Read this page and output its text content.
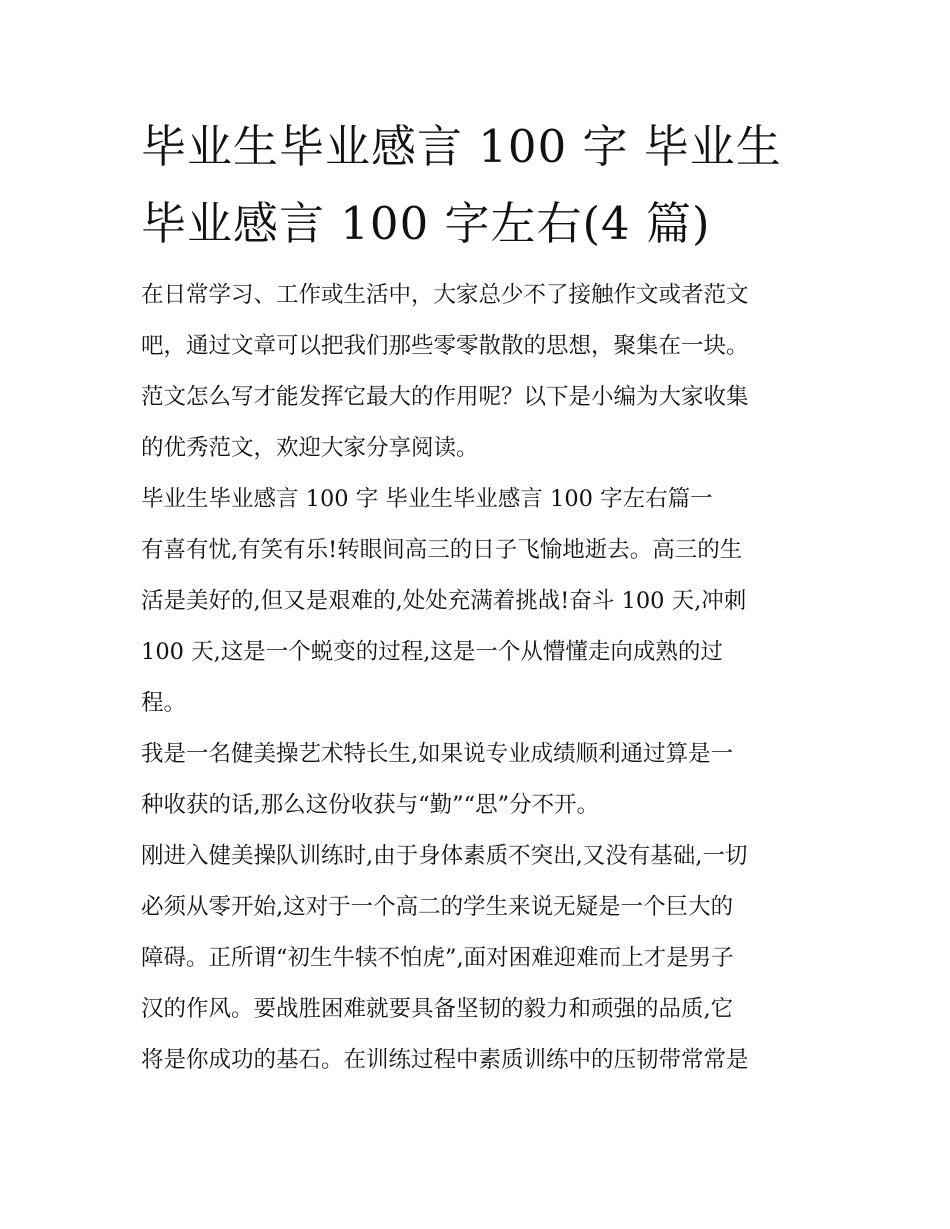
毕业生毕业感言 100 字 毕业生
毕业感言 100 字左右(4 篇)

在日常学习、工作或生活中，大家总少不了接触作文或者范文
吧，通过文章可以把我们那些零零散散的思想，聚集在一块。
范文怎么写才能发挥它最大的作用呢？以下是小编为大家收集
的优秀范文，欢迎大家分享阅读。

毕业生毕业感言 100 字 毕业生毕业感言 100 字左右篇一

有喜有忧,有笑有乐!转眼间高三的日子飞愉地逝去。高三的生
活是美好的,但又是艰难的,处处充满着挑战!奋斗 100 天,冲刺
100 天,这是一个蜕变的过程,这是一个从懵懂走向成熟的过
程。

我是一名健美操艺术特长生,如果说专业成绩顺利通过算是一
种收获的话,那么这份收获与“勤”“思”分不开。

刚进入健美操队训练时,由于身体素质不突出,又没有基础,一切
必须从零开始,这对于一个高二的学生来说无疑是一个巨大的
障碍。正所谓“初生牛犊不怕虎”,面对困难迎难而上才是男子
汉的作风。要战胜困难就要具备坚韧的毅力和顽强的品质,它
将是你成功的基石。在训练过程中素质训练中的压韧带常常是
